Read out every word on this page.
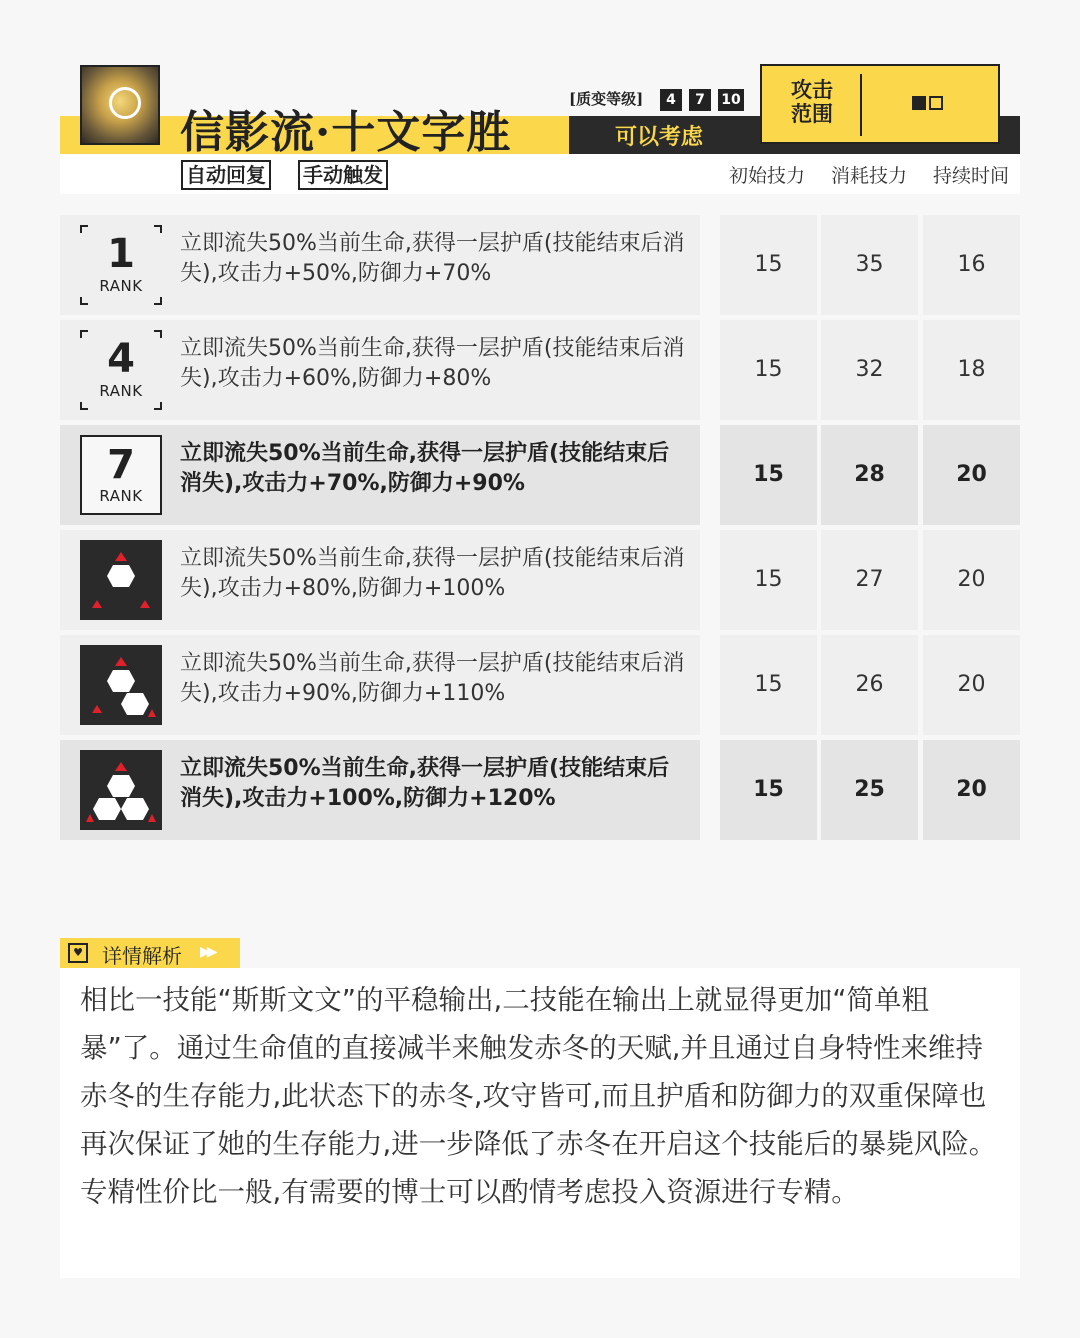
信影流·十文字胜
[质变等级]	4	7	10
可以考虑
攻击范围
自动回复 手动触发	初始技力	消耗技力	持续时间
1
RANK
立即流失50%当前生命,获得一层护盾(技能结束后消失),攻击力+50%,防御力+70%	15	35	16
4
RANK
立即流失50%当前生命,获得一层护盾(技能结束后消失),攻击力+60%,防御力+80%	15	32	18
7
RANK
立即流失50%当前生命,获得一层护盾(技能结束后消失),攻击力+70%,防御力+90%	15	28	20
立即流失50%当前生命,获得一层护盾(技能结束后消失),攻击力+80%,防御力+100%	15	27	20
立即流失50%当前生命,获得一层护盾(技能结束后消失),攻击力+90%,防御力+110%	15	26	20
立即流失50%当前生命,获得一层护盾(技能结束后消失),攻击力+100%,防御力+120%	15	25	20
♥ 详情解析 ▶▶
相比一技能“斯斯文文”的平稳输出,二技能在输出上就显得更加“简单粗暴”了。通过生命值的直接减半来触发赤冬的天赋,并且通过自身特性来维持赤冬的生存能力,此状态下的赤冬,攻守皆可,而且护盾和防御力的双重保障也再次保证了她的生存能力,进一步降低了赤冬在开启这个技能后的暴毙风险。专精性价比一般,有需要的博士可以酌情考虑投入资源进行专精。
